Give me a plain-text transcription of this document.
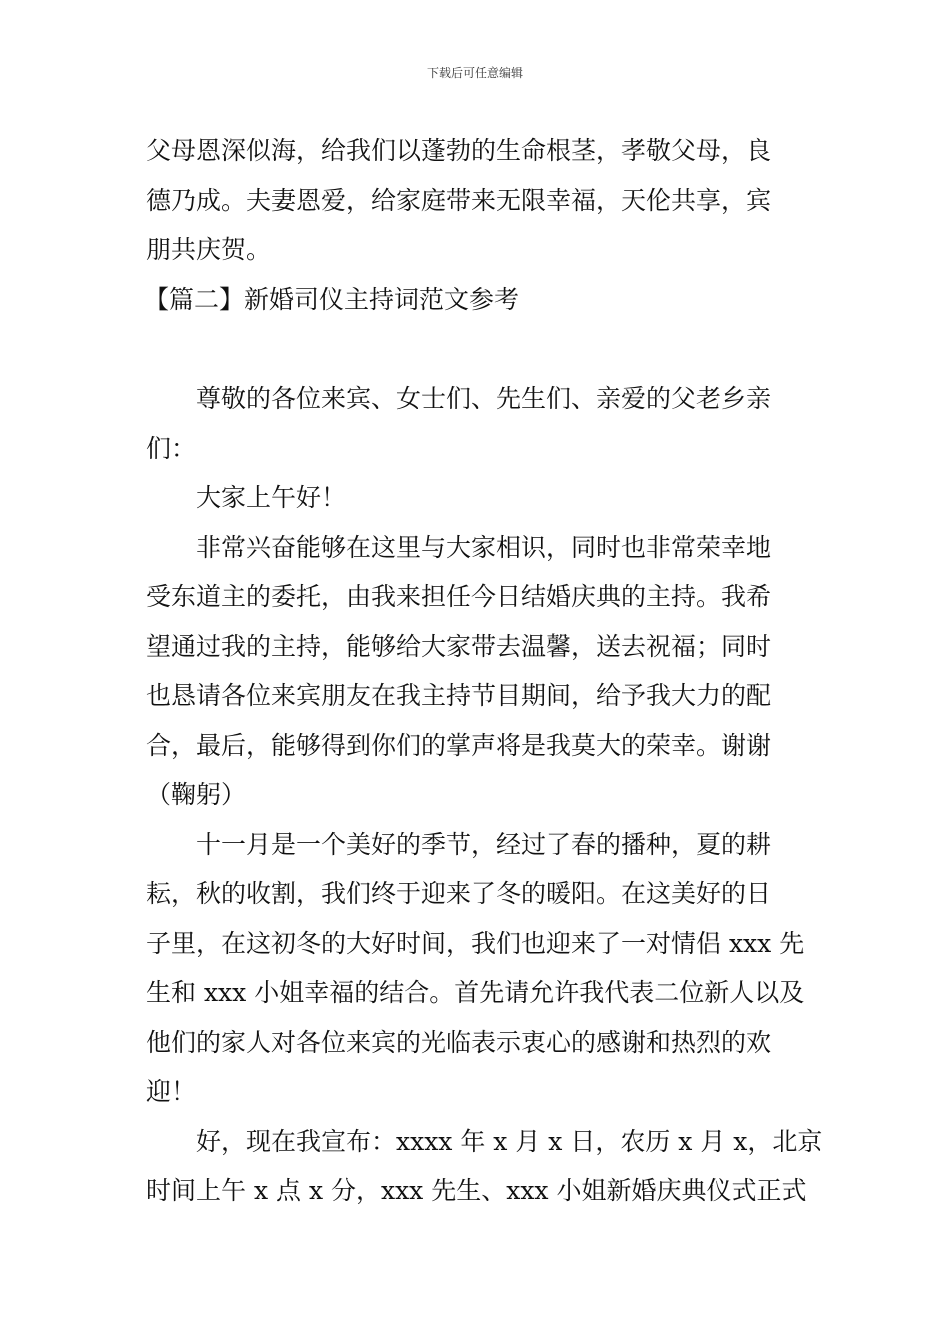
下载后可任意编辑
父母恩深似海，给我们以蓬勃的生命根茎，孝敬父母，良
德乃成。夫妻恩爱，给家庭带来无限幸福，天伦共享，宾
朋共庆贺。
【篇二】新婚司仪主持词范文参考
尊敬的各位来宾、女士们、先生们、亲爱的父老乡亲
们：
大家上午好！
非常兴奋能够在这里与大家相识，同时也非常荣幸地
受东道主的委托，由我来担任今日结婚庆典的主持。我希
望通过我的主持，能够给大家带去温馨，送去祝福；同时
也恳请各位来宾朋友在我主持节目期间，给予我大力的配
合，最后，能够得到你们的掌声将是我莫大的荣幸。谢谢
（鞠躬）
十一月是一个美好的季节，经过了春的播种，夏的耕
耘，秋的收割，我们终于迎来了冬的暖阳。在这美好的日
子里，在这初冬的大好时间，我们也迎来了一对情侣 xxx 先
生和 xxx 小姐幸福的结合。首先请允许我代表二位新人以及
他们的家人对各位来宾的光临表示衷心的感谢和热烈的欢
迎！
好，现在我宣布：xxxx 年 x 月 x 日，农历 x 月 x，北京
时间上午 x 点 x 分，xxx 先生、xxx 小姐新婚庆典仪式正式
